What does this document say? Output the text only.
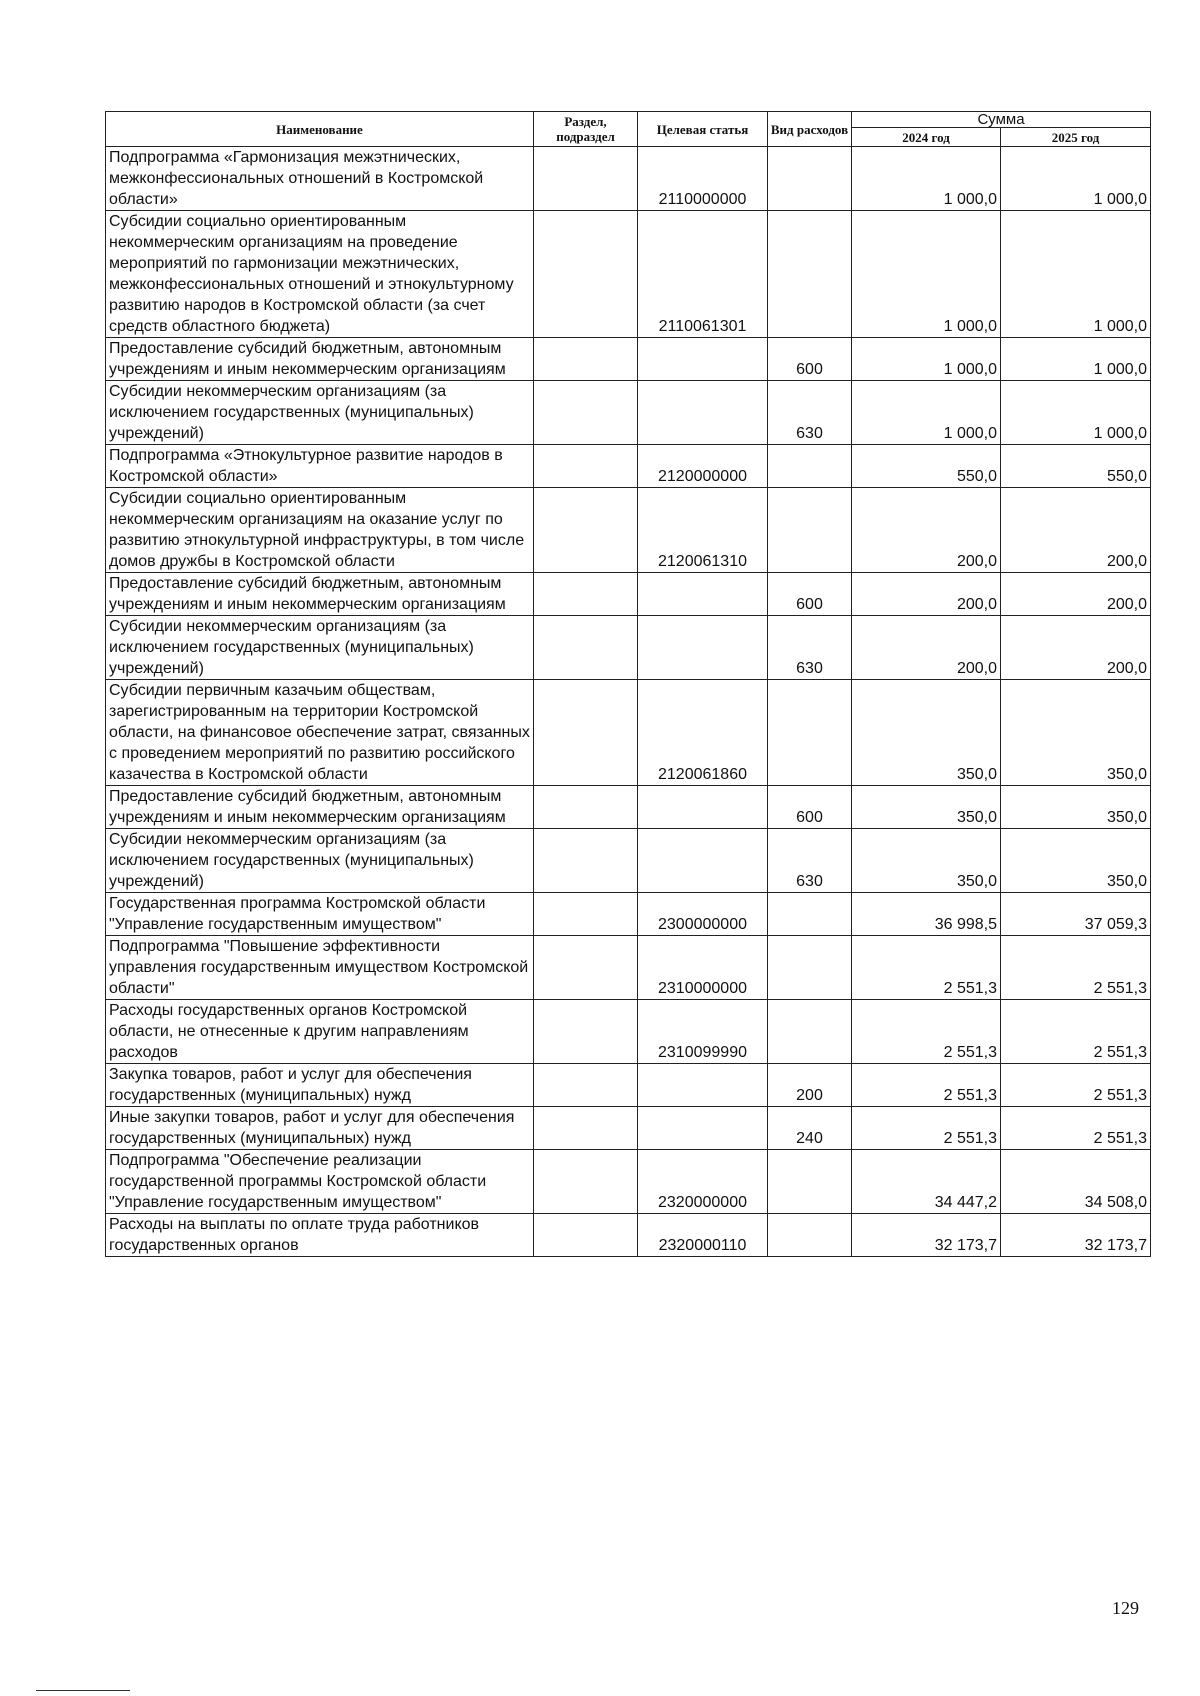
Наименование	Раздел, подраздел	Целевая статья	Вид расходов	Сумма	
				2024 год	2025 год
Подпрограмма «Гармонизация межэтнических, межконфессиональных отношений в Костромской области»		2110000000		1 000,0	1 000,0
Субсидии социально ориентированным некоммерческим организациям на проведение мероприятий по гармонизации межэтнических, межконфессиональных отношений и этнокультурному развитию народов в Костромской области (за счет средств областного бюджета)		2110061301		1 000,0	1 000,0
Предоставление субсидий бюджетным, автономным учреждениям и иным некоммерческим организациям			600	1 000,0	1 000,0
Субсидии некоммерческим организациям (за исключением государственных (муниципальных) учреждений)			630	1 000,0	1 000,0
Подпрограмма «Этнокультурное развитие народов в Костромской области»		2120000000		550,0	550,0
Субсидии социально ориентированным некоммерческим организациям на оказание услуг по развитию этнокультурной инфраструктуры, в том числе домов дружбы в Костромской области		2120061310		200,0	200,0
Предоставление субсидий бюджетным, автономным учреждениям и иным некоммерческим организациям			600	200,0	200,0
Субсидии некоммерческим организациям (за исключением государственных (муниципальных) учреждений)			630	200,0	200,0
Субсидии первичным казачьим обществам, зарегистрированным на территории Костромской области, на финансовое обеспечение затрат, связанных с проведением мероприятий по развитию российского казачества в Костромской области		2120061860		350,0	350,0
Предоставление субсидий бюджетным, автономным учреждениям и иным некоммерческим организациям			600	350,0	350,0
Субсидии некоммерческим организациям (за исключением государственных (муниципальных) учреждений)			630	350,0	350,0
Государственная программа Костромской области "Управление государственным имуществом"		2300000000		36 998,5	37 059,3
Подпрограмма "Повышение эффективности управления государственным имуществом Костромской области"		2310000000		2 551,3	2 551,3
Расходы государственных органов Костромской области, не отнесенные к другим направлениям расходов		2310099990		2 551,3	2 551,3
Закупка товаров, работ и услуг для обеспечения государственных (муниципальных) нужд			200	2 551,3	2 551,3
Иные закупки товаров, работ и услуг для обеспечения государственных (муниципальных) нужд			240	2 551,3	2 551,3
Подпрограмма "Обеспечение реализации государственной программы Костромской области "Управление государственным имуществом"		2320000000		34 447,2	34 508,0
Расходы на выплаты по оплате труда работников государственных органов		2320000110		32 173,7	32 173,7
129
